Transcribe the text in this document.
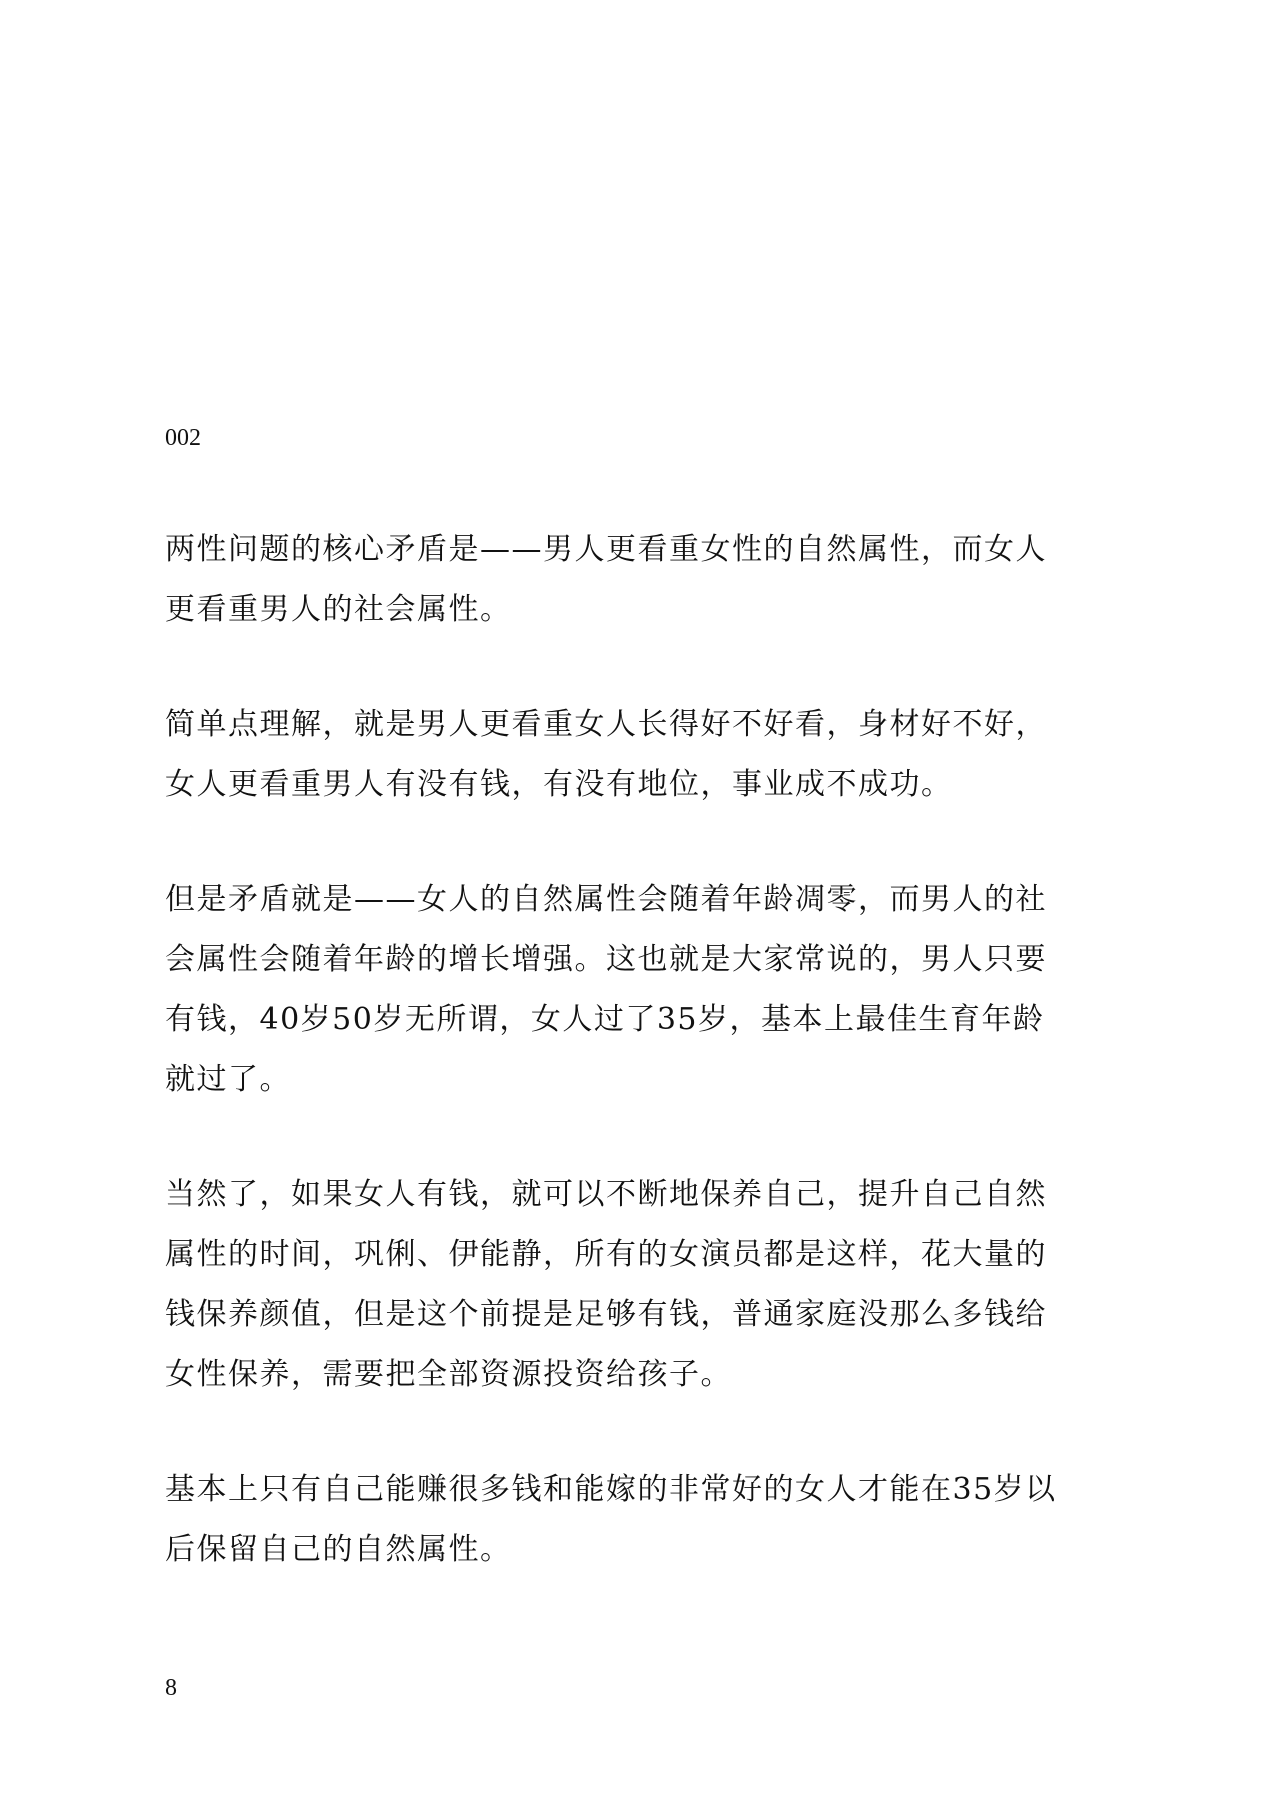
002

两性问题的核心矛盾是——男人更看重女性的自然属性，而女人
更看重男人的社会属性。
简单点理解，就是男人更看重女人长得好不好看，身材好不好，
女人更看重男人有没有钱，有没有地位，事业成不成功。
但是矛盾就是——女人的自然属性会随着年龄凋零，而男人的社
会属性会随着年龄的增长增强。这也就是大家常说的，男人只要
有钱，40岁50岁无所谓，女人过了35岁，基本上最佳生育年龄
就过了。
当然了，如果女人有钱，就可以不断地保养自己，提升自己自然
属性的时间，巩俐、伊能静，所有的女演员都是这样，花大量的
钱保养颜值，但是这个前提是足够有钱，普通家庭没那么多钱给
女性保养，需要把全部资源投资给孩子。
基本上只有自己能赚很多钱和能嫁的非常好的女人才能在35岁以
后保留自己的自然属性。

8
